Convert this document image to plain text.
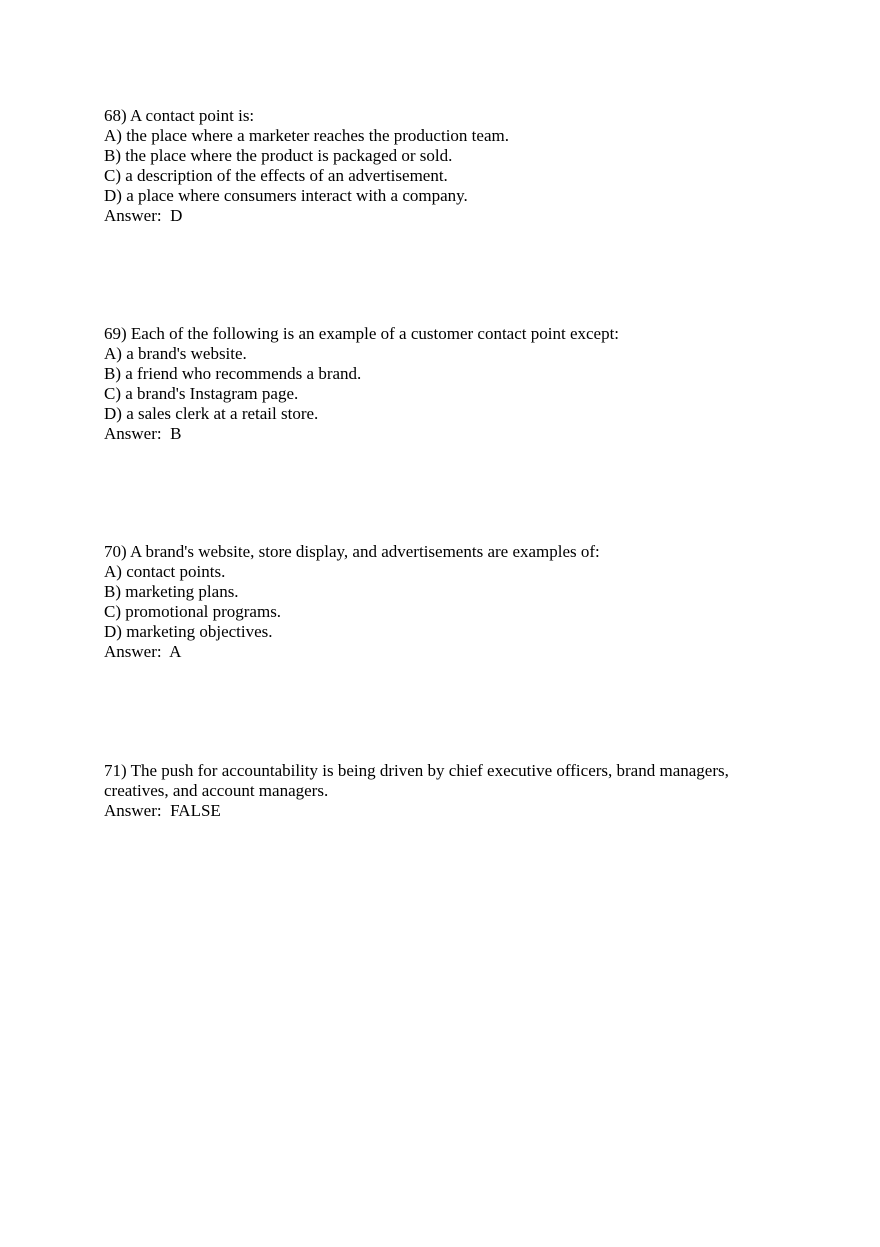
68) A contact point is:
A) the place where a marketer reaches the production team.
B) the place where the product is packaged or sold.
C) a description of the effects of an advertisement.
D) a place where consumers interact with a company.
Answer:  D
69) Each of the following is an example of a customer contact point except:
A) a brand's website.
B) a friend who recommends a brand.
C) a brand's Instagram page.
D) a sales clerk at a retail store.
Answer:  B
70) A brand's website, store display, and advertisements are examples of:
A) contact points.
B) marketing plans.
C) promotional programs.
D) marketing objectives.
Answer:  A
71) The push for accountability is being driven by chief executive officers, brand managers, creatives, and account managers.
Answer:  FALSE
